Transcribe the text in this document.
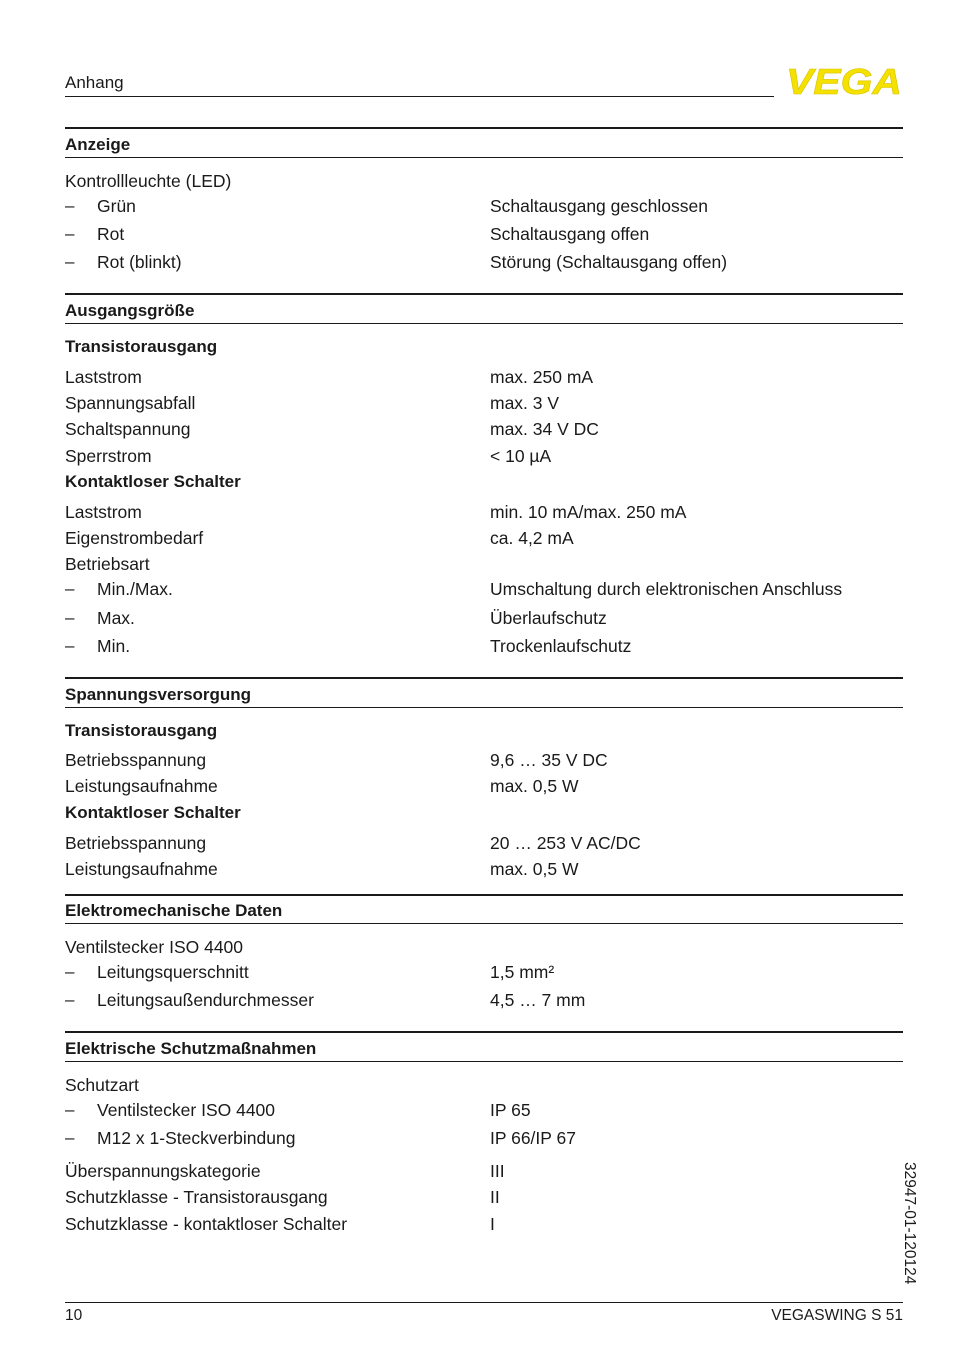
Anhang	VEGA
Anzeige
Kontrollleuchte (LED)
– Grün	Schaltausgang geschlossen
– Rot	Schaltausgang offen
– Rot (blinkt)	Störung (Schaltausgang offen)
Ausgangsgröße
Transistorausgang
Laststrom	max. 250 mA
Spannungsabfall	max. 3 V
Schaltspannung	max. 34 V DC
Sperrstrom	< 10 µA
Kontaktloser Schalter
Laststrom	min. 10 mA/max. 250 mA
Eigenstrombedarf	ca. 4,2 mA
Betriebsart
– Min./Max.	Umschaltung durch elektronischen Anschluss
– Max.	Überlaufschutz
– Min.	Trockenlaufschutz
Spannungsversorgung
Transistorausgang
Betriebsspannung	9,6 … 35 V DC
Leistungsaufnahme	max. 0,5 W
Kontaktloser Schalter
Betriebsspannung	20 … 253 V AC/DC
Leistungsaufnahme	max. 0,5 W
Elektromechanische Daten
Ventilstecker ISO 4400
– Leitungsquerschnitt	1,5 mm²
– Leitungsaußendurchmesser	4,5 … 7 mm
Elektrische Schutzmaßnahmen
Schutzart
– Ventilstecker ISO 4400	IP 65
– M12 x 1-Steckverbindung	IP 66/IP 67
Überspannungskategorie	III
Schutzklasse - Transistorausgang	II
Schutzklasse - kontaktloser Schalter	I	32947-01-120124
10	VEGASWING S 51
